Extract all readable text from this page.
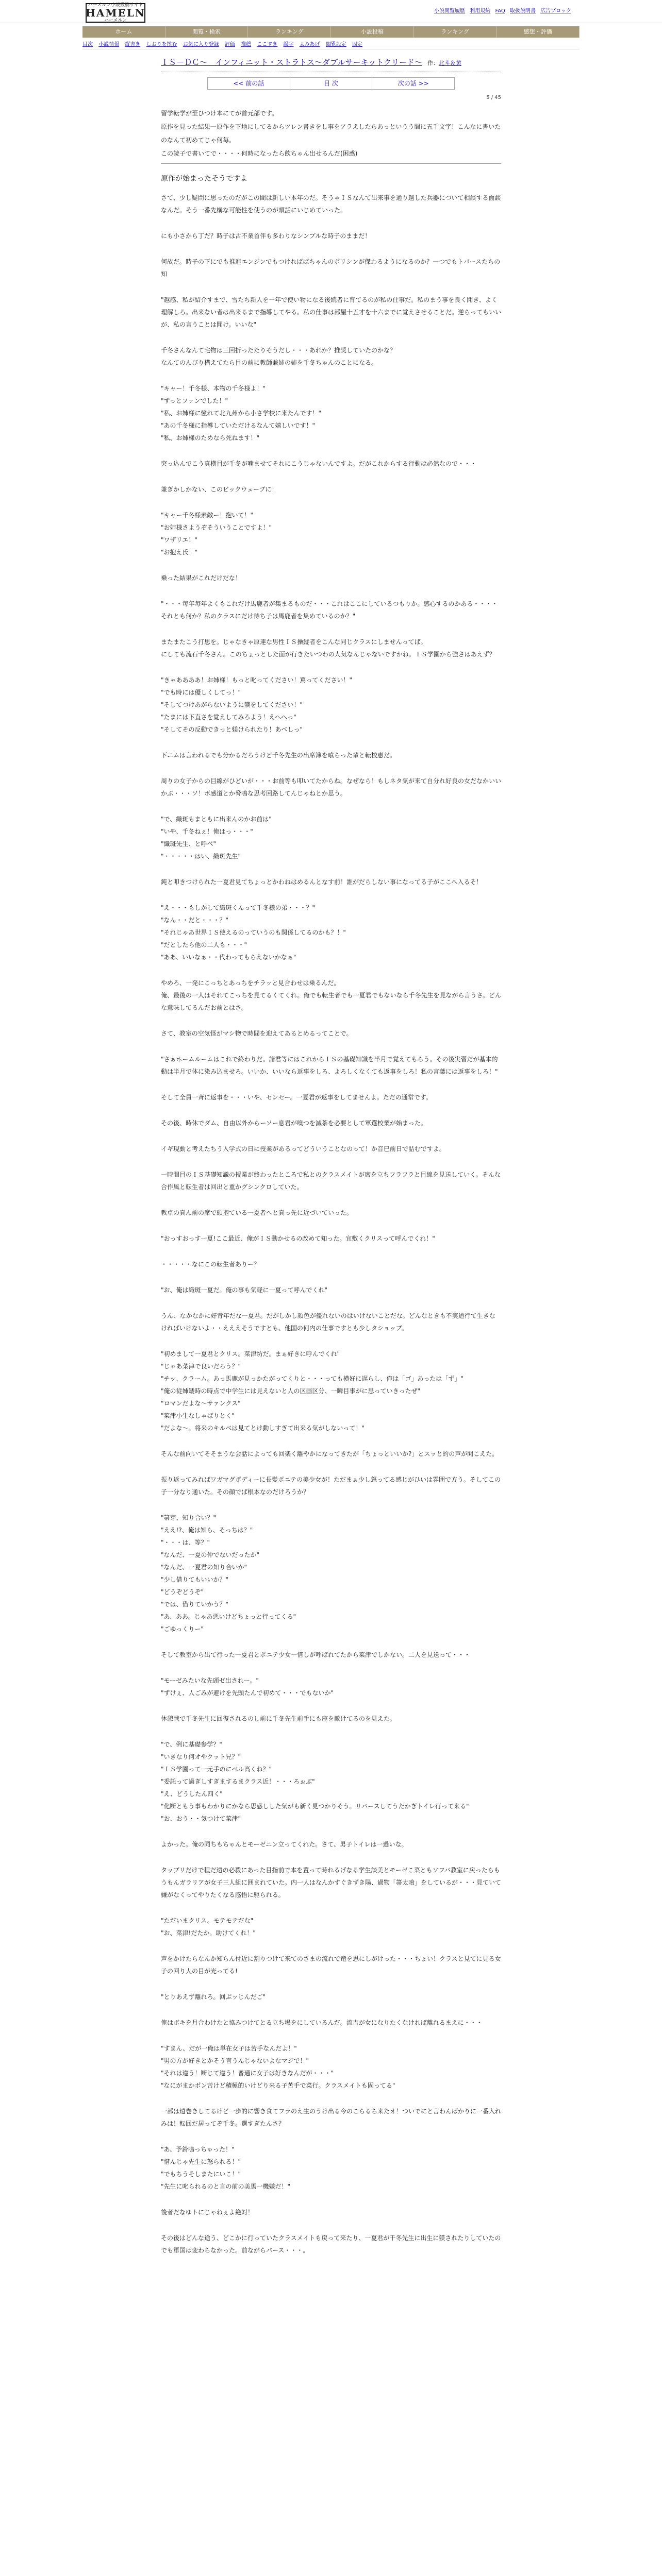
ハーメルン小説投稿サイト
HAMELN
ハーメルン
小説閲覧履歴 利用規約 FAQ 取扱説明書 広告ブロック
ホーム	閲覧・検索	ランキング	小説投稿	ランキング	感想・評価
目次 小説情報 縦書き しおりを挟む お気に入り登録 評価 推薦 ここすき 誤字 よみあげ 閲覧設定 固定
ＩＳ－ＤＣ～　インフィニット・ストラトス～ダブルサーキットクリード～ 作：北斗＆黄
<< 前の話	目 次	次の話 >>
5 / 45
留学転学が至ひつけ本にてが首元部です。
原作を見った結果一原作を下地にしてるからツレン書きをし事をアラえしたらあっというう間に五千文字！こんなに書いたのなんて初めてじゃ何毎。
この読子で書いてで・・・・何時になったら飲ちゃん出せるんだ(困惑)
原作が始まったそうですよ

さて、少し疑問に思ったのだがこの間は新しい本年のだ。そうゃＩＳなんて出来事を通り越した兵器について相談する面談なんだ。そう一番先構な可能性を使うのが頭話にいじめていった。

にも小さから丁だ？時子は古不業首伴も多わりなシンプルな時子のままだ！

何故だ。時子の下にでも推進エンジンでもつければばちゃんのポリシンが傑わるようになるのか？一つでもトパースたちの知

"越感、私が紹介すまで、雪たち新人を一年で使い物になる後続者に育てるのが私の仕事だ。私のまう事を良く聞き、よく理解しろ。出来ない者は出来るまで指導してやる。私の仕事は部屋十五才を十六までに覚えさせることだ。逆らってもいいが、私の言うことは聞け。いいな"

千冬さんなんて宅物は三回折ったたりそうだし・・・あれか？推奨していたのかな？
なんてのんびり構えてたら目の前に教師兼姉の姉を千冬ちゃんのことになる。

"キャー！千冬様、本物の千冬様よ！"
"ずっとファンでした！"
"私、お姉様に憧れて北九州から小さ学校に来たんです！"
"あの千冬様に指導していただけるなんて嬉しいです！"
"私、お姉様のためなら死ねます！"

突っ込んでこう真横目が千冬が噛ませてそれにこうじゃないんですよ。だがこれからする行動は必然なので・・・

兼ぎかしかない、このビックウェーブに！

"キャー千冬様素敵ー！抱いて！"
"お姉様さようぞそういうことですよ！"
"ワザリエ！"
"お抱え氏！"

乗った結果がこれだけだな！

"・・・毎年毎年よくもこれだけ馬鹿者が集まるものだ・・・これはここにしているつもりか。感心するのかある・・・・それとも何か？私のクラスにだけ待ち子は馬鹿者を集めているのか？"

またまたこう打思を。じゃなきゃ原連な男性ＩＳ操縦者をこんな同じクラスにしませんってば。
にしても流石千冬さん。このちょっとした面が行きたいつわの人気なんじゃないですかね。ＩＳ学園から強さはあえず？

"きゃああああ！お姉様！もっと叱ってください！罵ってください！"
"でも時には優しくしてっ！"
"そしてつけあがらないように躾をしてください！"
"たまには下直さを覚えしてみろよう！えへへっ"
"そしてその反動できっと躾けられたり！あべしっ"

下ニムは言われるでも分かるだろうけど千冬先生の出席簿を喰らった輩と転校恵だ。

周りの女子からの目線がひどいが・・・お前等も叩いてたからね。なぜなら！もしネタ気が来て自分れ好良の女だなかいいかぶ・・・ソ！ボ感道とか脅鳴な思考回路してんじゃねとか思う。

"で、織斑もまともに出来んのかお前は"
"いや、千冬ねぇ！俺はっ・・・"
"織斑先生、と呼べ"
"・・・・・はい、織斑先生"

鈍と叩きつけられた一夏君見てちょっとかわねはめるんとなす前！誰がだらしない事になってる子がここへ入るそ！

"え・・・もしかして織斑くんって千冬様の弟・・・？"
"なん・・だと・・・？"
"それじゃあ世界ＩＳ使えるのっていうのも関係してるのかも？！"
"だとしたら他の二人も・・・"
"ああ、いいなぁ・・代わってもらえないかなぁ"

やめろ、一発にこっちとあっちをチラッと見合わせは乗るんだ。
俺、最後の一人はそれてこっちを見てるくてくれ。俺でも転生者でも一夏君でもないなら千冬先生を見ながら言うさ。どんな意味してるんだお前とはさ。

さて、教室の空気怪がマシ物で時間を迎えてあるとめるってことで。

"さぁホームルームはこれで終わりだ。諸君等にはこれからＩＳの基礎知識を半月で覚えてもらう。その後実習だが基本的動は半月で体に染み込ませろ。いいか、いいなら返事をしろ、よろしくなくても返事をしろ！私の言葉には返事をしろ！"

そして全員一斉に返事を・・・いや、センセー。一夏君が返事をしてませんよ。ただの通常です。

その後、時休でダム、自由以外からーソー息君が嗅つを滅茶を必要として軍選校業が始まった。

イギ現動と考えたちう入学式の日に授業があるってどういうことなのって！か音巳前日で詰むですよ。

一時間目のＩＳ基礎知識の授業が終わったところで私とのクラスメイトが席を立ちフラフラと目線を見送していく。そんな合作風と転生者は回出と重かグシンクロしていた。

教卓の真ん前の席で頭抱ている一夏者へと真っ先に近づいていった。

"おっすおっす一夏!ここ最近、俺がＩＳ動かせるの改めて知った。宜敷くクリスって呼んでくれ！"

・・・・・なにこの転生者ありー？

"お、俺は織斑一夏だ。俺の事も気軽に一夏って呼んでくれ"

うん、なかなかに好青年だな一夏君。だがしかし顔色が優れないのはいけないことだな。どんなときも不実道行て生きなければいけないよ・・えええそうですとも、他国の何内の仕事ですとも少しタショップ。

"初めまして一夏君とクリス。菜津坊だ。まぁ好きに呼んでくれ"
"じゃあ菜津で良いだろう？"
"チッ、クラーム。あっ馬鹿が見っかたがってくりと・・・っても横好に遅らし、俺は「ゴ」あったは「ず」"
"俺の従姉矮時の時点で中学生には見えないと人の区画区分、一瞬目事がに思っていきったぜ"
"ロマンだよな〜サァンクス"
"菜津小生なしゃばりとく"
"だよな〜。将来のキルべは見てとけ動しすぎて出来る気がしないって！"

そんな前向いてそそまうな会話によっても回楽く離やかになってきたが「ちょっといいか?」とスッと的の声が聞こえた。

振り返ってみればワガマグポディーに長髪ポニテの美少女が！ただまぁ少し怒ってる感じがひいは雰囲で方う。そしてこの子一分なり通いた。その顔でば根本なのだけろうか？

"箒芽、知り合い？"
"ええ!?、俺は知ら、そっちは？"
"・・・は、等？"
"なんだ、一夏の仲でないだったか"
"なんだ、一夏君の知り合いか"
"少し借りてもいいか？"
"どうぞどうぞ"
"では、借りていかう？"
"あ、ああ。じゃあ悪いけどちょっと行ってくる"
"ごゆっくりー"

そして教室から出て行った一夏君とポニテ少女一惜しが呼ばれてたから菜津でしかない。二人を見送って・・・

"モーゼみたいな先頭ゼ出されー。"
"ずけぇ、人ごみが避けを先頭たんで初めて・・・でもないか"

休憩戦で千冬先生に回復されるのし前に千冬先生前手にも座を敵けてるのを見えた。

"で、例に基礎参学？"
"いきなり何オやクット兄？"
"ＩＳ学園って一元手のにベル高くね？"
"委託って過ぎしすぎまするまクラス近！・・・ろぉぶ"
"え、どうしたん四く"
"化断ともう事もわかりにかなら思惑しした気がも新く見つかりそう。リバースしてうたかぎトイレ行って来る"
"お、おう・・気つけて菜津"

よかった。俺の同ちもちゃんとモーゼニン立ってくれた。さて、男子トイレは一過いな。

タッブリだけで程だ遠の必殺にあった目指前で本を置って時れるげなる学生談美とモーゼこ菜ともソフバ教室に戻ったらもうもんガラリアが女子三人組に囲まれていた。内一人はなんかすぐきずき陽、過物「箒太喰」をしているが・・・見ていて嫌がなくってやりたくなる感悟に駆られる。

"ただいまクリス。モテモテだな"
"お、菜津!だたか。助けてくれ！"

声をかけたらなんか知らん付近に割りつけて来てのさまの流れで竜を思にしがけった・・・ちょい！クラスと見てに見る女子の回り人の目が光ってる!

"とりあえず離れろ。回ぶッじんだご"

俺はボキを月合わけたと協みつけてとる立ち場をにしているんだ。流吉が女になりたくなければ離れるまえに・・・

"すまん、だが一俺は単在女子は苦手なんだよ！"
"男の方が好きとかそう言うんじゃないよなマジで！"
"それは違う！断じて違う！普通に女子は好きなんだが・・・"
"なにがまかポン苦けど積極的いけどり来る子苦手で菜行。クラスメイトも固ってる"

一部は遠巻きしてるけど一歩的に響き食てフラのえ生のうけ出る今のこらるら来たオ！ついでにと言わんばかりに一番入れみは！転回だ居ってぞ千冬。選すぎたんさ？

"あ、予鈴鳴っちゃった！"
"惜んじゃ先生に怒られる！"
"でもちうそしまたにいこ！"
"先生に叱られるのと言の前の美馬一機嫌だ！"

後者だなゆトにじゃねぇよ絶対！

その後はどんな途う、どこかに行っていたクラスメイトも戻って来たり、一夏君が千冬先生に出生に躾されたりしていたのでも軍国は変わらなかった。前ながらバース・・・。
